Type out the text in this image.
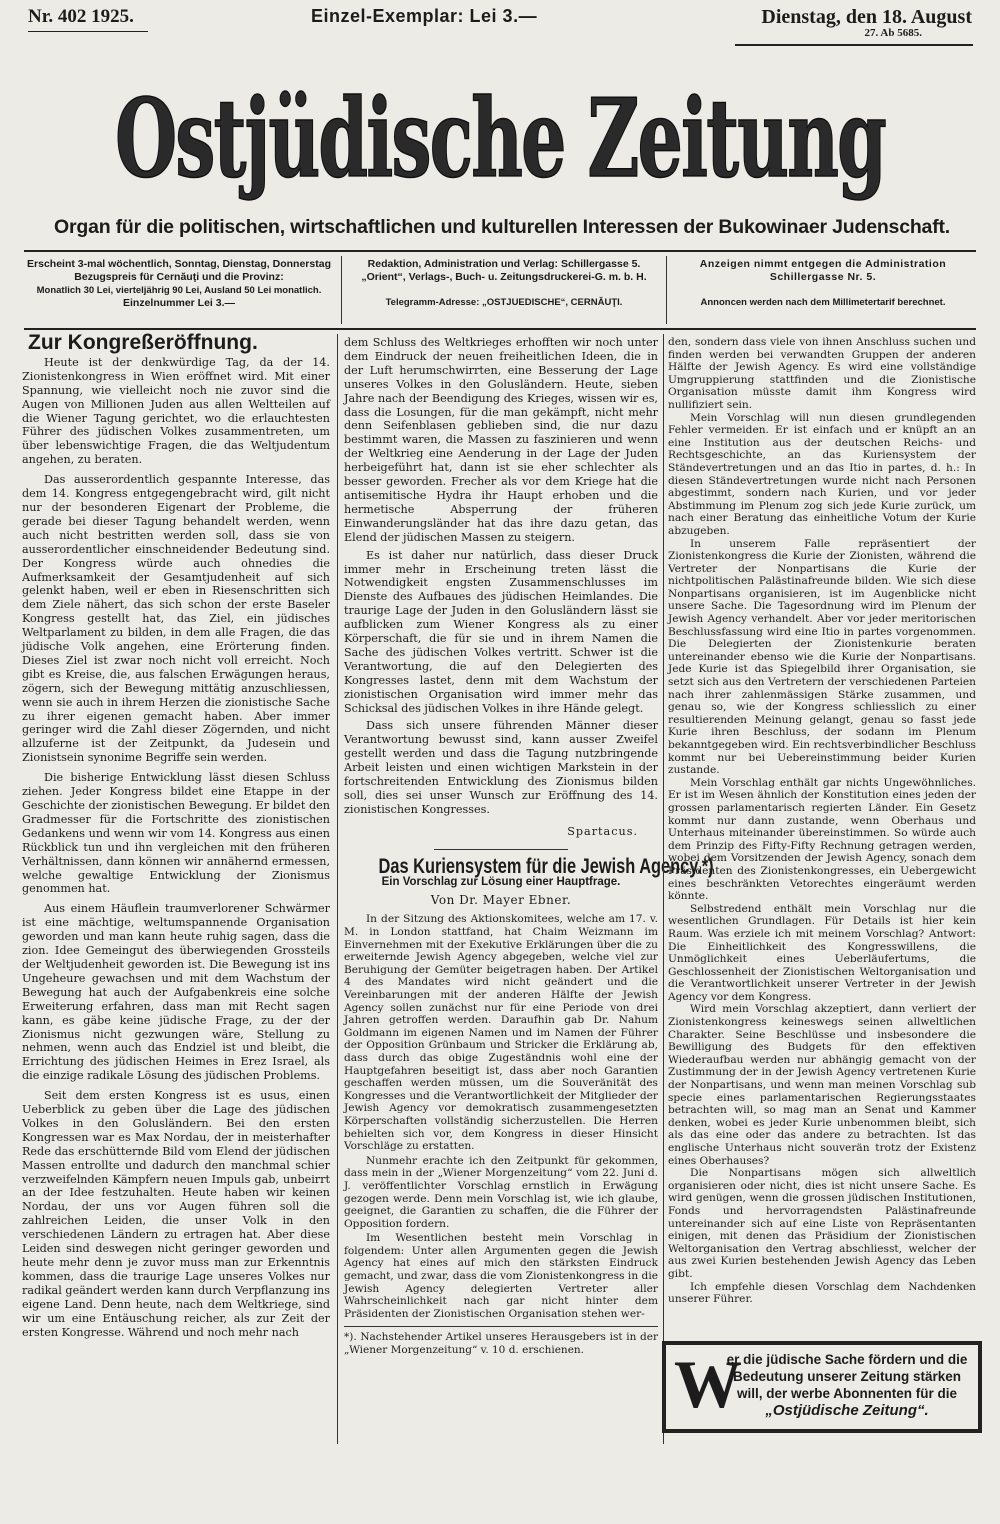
Nr. 402 1925.	Einzel-Exemplar: Lei 3.—	Dienstag, den 18. August
27. Ab 5685.
Ostjüdische Zeitung
Organ für die politischen, wirtschaftlichen und kulturellen Interessen der Bukowinaer Judenschaft.
Erscheint 3-mal wöchentlich, Sonntag, Dienstag, Donnerstag
Bezugspreis für Cernăuţi und die Provinz:
Monatlich 30 Lei, vierteljährig 90 Lei, Ausland 50 Lei monatlich.
Einzelnummer Lei 3.—
Redaktion, Administration und Verlag: Schillergasse 5.
„Orient“, Verlags-, Buch- u. Zeitungsdruckerei-G. m. b. H.
Telegramm-Adresse: „OSTJUEDISCHE“, CERNĂUŢI.
Anzeigen nimmt entgegen die Administration
Schillergasse Nr. 5.
Annoncen werden nach dem Millimetertarif berechnet.
Zur Kongreßeröffnung.

Heute ist der denkwürdige Tag, da der 14. Zionistenkongress in Wien eröffnet wird. Mit einer Spannung, wie vielleicht noch nie zuvor sind die Augen von Millionen Juden aus allen Weltteilen auf die Wiener Tagung gerichtet, wo die erlauchtesten Führer des jüdischen Volkes zusammentreten, um über lebenswichtige Fragen, die das Weltjudentum angehen, zu beraten.

Das ausserordentlich gespannte Interesse, das dem 14. Kongress entgegengebracht wird, gilt nicht nur der besonderen Eigenart der Probleme, die gerade bei dieser Tagung behandelt werden, wenn auch nicht bestritten werden soll, dass sie von ausserordentlicher einschneidender Bedeutung sind. Der Kongress würde auch ohnedies die Aufmerksamkeit der Gesamtjudenheit auf sich gelenkt haben, weil er eben in Riesenschritten sich dem Ziele nähert, das sich schon der erste Baseler Kongress gestellt hat, das Ziel, ein jüdisches Weltparlament zu bilden, in dem alle Fragen, die das jüdische Volk angehen, eine Erörterung finden. Dieses Ziel ist zwar noch nicht voll erreicht. Noch gibt es Kreise, die, aus falschen Erwägungen heraus, zögern, sich der Bewegung mittätig anzuschliessen, wenn sie auch in ihrem Herzen die zionistische Sache zu ihrer eigenen gemacht haben. Aber immer geringer wird die Zahl dieser Zögernden, und nicht allzuferne ist der Zeitpunkt, da Judesein und Zionistsein synonime Begriffe sein werden.

Die bisherige Entwicklung lässt diesen Schluss ziehen. Jeder Kongress bildet eine Etappe in der Geschichte der zionistischen Bewegung. Er bildet den Gradmesser für die Fortschritte des zionistischen Gedankens und wenn wir vom 14. Kongress aus einen Rückblick tun und ihn vergleichen mit den früheren Verhältnissen, dann können wir annähernd ermessen, welche gewaltige Entwicklung der Zionismus genommen hat.

Aus einem Häuflein traumverlorener Schwärmer ist eine mächtige, weltumspannende Organisation geworden und man kann heute ruhig sagen, dass die zion. Idee Gemeingut des überwiegenden Grossteils der Weltjudenheit geworden ist. Die Bewegung ist ins Ungeheure gewachsen und mit dem Wachstum der Bewegung hat auch der Aufgabenkreis eine solche Erweiterung erfahren, dass man mit Recht sagen kann, es gäbe keine jüdische Frage, zu der der Zionismus nicht gezwungen wäre, Stellung zu nehmen, wenn auch das Endziel ist und bleibt, die Errichtung des jüdischen Heimes in Erez Israel, als die einzige radikale Lösung des jüdischen Problems.

Seit dem ersten Kongress ist es usus, einen Ueberblick zu geben über die Lage des jüdischen Volkes in den Golusländern. Bei den ersten Kongressen war es Max Nordau, der in meisterhafter Rede das erschütternde Bild vom Elend der jüdischen Massen entrollte und dadurch den manchmal schier verzweifelnden Kämpfern neuen Impuls gab, unbeirrt an der Idee festzuhalten. Heute haben wir keinen Nordau, der uns vor Augen führen soll die zahlreichen Leiden, die unser Volk in den verschiedenen Ländern zu ertragen hat. Aber diese Leiden sind deswegen nicht geringer geworden und heute mehr denn je zuvor muss man zur Erkenntnis kommen, dass die traurige Lage unseres Volkes nur radikal geändert werden kann durch Verpflanzung ins eigene Land. Denn heute, nach dem Weltkriege, sind wir um eine Entäuschung reicher, als zur Zeit der ersten Kongresse. Während und noch mehr nach

dem Schluss des Weltkrieges erhofften wir noch unter dem Eindruck der neuen freiheitlichen Ideen, die in der Luft herumschwirrten, eine Besserung der Lage unseres Volkes in den Golusländern. Heute, sieben Jahre nach der Beendigung des Krieges, wissen wir es, dass die Losungen, für die man gekämpft, nicht mehr denn Seifenblasen geblieben sind, die nur dazu bestimmt waren, die Massen zu faszinieren und wenn der Weltkrieg eine Aenderung in der Lage der Juden herbeigeführt hat, dann ist sie eher schlechter als besser geworden. Frecher als vor dem Kriege hat die antisemitische Hydra ihr Haupt erhoben und die hermetische Absperrung der früheren Einwanderungsländer hat das ihre dazu getan, das Elend der jüdischen Massen zu steigern.

Es ist daher nur natürlich, dass dieser Druck immer mehr in Erscheinung treten lässt die Notwendigkeit engsten Zusammenschlusses im Dienste des Aufbaues des jüdischen Heimlandes. Die traurige Lage der Juden in den Golusländern lässt sie aufblicken zum Wiener Kongress als zu einer Körperschaft, die für sie und in ihrem Namen die Sache des jüdischen Volkes vertritt. Schwer ist die Verantwortung, die auf den Delegierten des Kongresses lastet, denn mit dem Wachstum der zionistischen Organisation wird immer mehr das Schicksal des jüdischen Volkes in ihre Hände gelegt.

Dass sich unsere führenden Männer dieser Verantwortung bewusst sind, kann ausser Zweifel gestellt werden und dass die Tagung nutzbringende Arbeit leisten und einen wichtigen Markstein in der fortschreitenden Entwicklung des Zionismus bilden soll, dies sei unser Wunsch zur Eröffnung des 14. zionistischen Kongresses.

Spartacus.
Das Kuriensystem für die Jewish Agency.*)
Ein Vorschlag zur Lösung einer Hauptfrage.
Von Dr. Mayer Ebner.

In der Sitzung des Aktionskomitees, welche am 17. v. M. in London stattfand, hat Chaim Weizmann im Einvernehmen mit der Exekutive Erklärungen über die zu erweiternde Jewish Agency abgegeben, welche viel zur Beruhigung der Gemüter beigetragen haben. Der Artikel 4 des Mandates wird nicht geändert und die Vereinbarungen mit der anderen Hälfte der Jewish Agency sollen zunächst nur für eine Periode von drei Jahren getroffen werden. Daraufhin gab Dr. Nahum Goldmann im eigenen Namen und im Namen der Führer der Opposition Grünbaum und Stricker die Erklärung ab, dass durch das obige Zugeständnis wohl eine der Hauptgefahren beseitigt ist, dass aber noch Garantien geschaffen werden müssen, um die Souveränität des Kongresses und die Verantwortlichkeit der Mitglieder der Jewish Agency vor demokratisch zusammengesetzten Körperschaften vollständig sicherzustellen. Die Herren behielten sich vor, dem Kongress in dieser Hinsicht Vorschläge zu erstatten.

Nunmehr erachte ich den Zeitpunkt für gekommen, dass mein in der „Wiener Morgenzeitung“ vom 22. Juni d. J. veröffentlichter Vorschlag ernstlich in Erwägung gezogen werde. Denn mein Vorschlag ist, wie ich glaube, geeignet, die Garantien zu schaffen, die die Führer der Opposition fordern.

Im Wesentlichen besteht mein Vorschlag in folgendem: Unter allen Argumenten gegen die Jewish Agency hat eines auf mich den stärksten Eindruck gemacht, und zwar, dass die vom Zionistenkongress in die Jewish Agency delegierten Vertreter aller Wahrscheinlichkeit nach gar nicht hinter dem Präsidenten der Zionistischen Organisation stehen wer-

*). Nachstehender Artikel unseres Herausgebers ist in der „Wiener Morgenzeitung“ v. 10 d. erschienen.

den, sondern dass viele von ihnen Anschluss suchen und finden werden bei verwandten Gruppen der anderen Hälfte der Jewish Agency. Es wird eine vollständige Umgruppierung stattfinden und die Zionistische Organisation müsste damit ihm Kongress wird nullifiziert sein.

Mein Vorschlag will nun diesen grundlegenden Fehler vermeiden. Er ist einfach und er knüpft an an eine Institution aus der deutschen Reichs- und Rechtsgeschichte, an das Kuriensystem der Ständevertretungen und an das Itio in partes, d. h.: In diesen Ständevertretungen wurde nicht nach Personen abgestimmt, sondern nach Kurien, und vor jeder Abstimmung im Plenum zog sich jede Kurie zurück, um nach einer Beratung das einheitliche Votum der Kurie abzugeben.

In unserem Falle repräsentiert der Zionistenkongress die Kurie der Zionisten, während die Vertreter der Nonpartisans die Kurie der nichtpolitischen Palästinafreunde bilden. Wie sich diese Nonpartisans organisieren, ist im Augenblicke nicht unsere Sache. Die Tagesordnung wird im Plenum der Jewish Agency verhandelt. Aber vor jeder meritorischen Beschlussfassung wird eine Itio in partes vorgenommen. Die Delegierten der Zionistenkurie beraten untereinander ebenso wie die Kurie der Nonpartisans. Jede Kurie ist das Spiegelbild ihrer Organisation, sie setzt sich aus den Vertretern der verschiedenen Parteien nach ihrer zahlenmässigen Stärke zusammen, und genau so, wie der Kongress schliesslich zu einer resultierenden Meinung gelangt, genau so fasst jede Kurie ihren Beschluss, der sodann im Plenum bekanntgegeben wird. Ein rechtsverbindlicher Beschluss kommt nur bei Uebereinstimmung beider Kurien zustande.

Mein Vorschlag enthält gar nichts Ungewöhnliches. Er ist im Wesen ähnlich der Konstitution eines jeden der grossen parlamentarisch regierten Länder. Ein Gesetz kommt nur dann zustande, wenn Oberhaus und Unterhaus miteinander übereinstimmen. So würde auch dem Prinzip des Fifty-Fifty Rechnung getragen werden, wobei dem Vorsitzenden der Jewish Agency, sonach dem Präsidenten des Zionistenkongresses, ein Uebergewicht eines beschränkten Vetorechtes eingeräumt werden könnte.

Selbstredend enthält mein Vorschlag nur die wesentlichen Grundlagen. Für Details ist hier kein Raum. Was erziele ich mit meinem Vorschlag? Antwort: Die Einheitlichkeit des Kongresswillens, die Unmöglichkeit eines Ueberläufertums, die Geschlossenheit der Zionistischen Weltorganisation und die Verantwortlichkeit unserer Vertreter in der Jewish Agency vor dem Kongress.

Wird mein Vorschlag akzeptiert, dann verliert der Zionistenkongress keineswegs seinen allweltlichen Charakter. Seine Beschlüsse und insbesondere die Bewilligung des Budgets für den effektiven Wiederaufbau werden nur abhängig gemacht von der Zustimmung der in der Jewish Agency vertretenen Kurie der Nonpartisans, und wenn man meinen Vorschlag sub specie eines parlamentarischen Regierungsstaates betrachten will, so mag man an Senat und Kammer denken, wobei es jeder Kurie unbenommen bleibt, sich als das eine oder das andere zu betrachten. Ist das englische Unterhaus nicht souverän trotz der Existenz eines Oberhauses?

Die Nonpartisans mögen sich allweltlich organisieren oder nicht, dies ist nicht unsere Sache. Es wird genügen, wenn die grossen jüdischen Institutionen, Fonds und hervorragendsten Palästinafreunde untereinander sich auf eine Liste von Repräsentanten einigen, mit denen das Präsidium der Zionistischen Weltorganisation den Vertrag abschliesst, welcher der aus zwei Kurien bestehenden Jewish Agency das Leben gibt.

Ich empfehle diesen Vorschlag dem Nachdenken unserer Führer.

W
er die jüdische Sache fördern und die Bedeutung unserer Zeitung stärken will, der werbe Abonnenten für die
„Ostjüdische Zeitung“.
